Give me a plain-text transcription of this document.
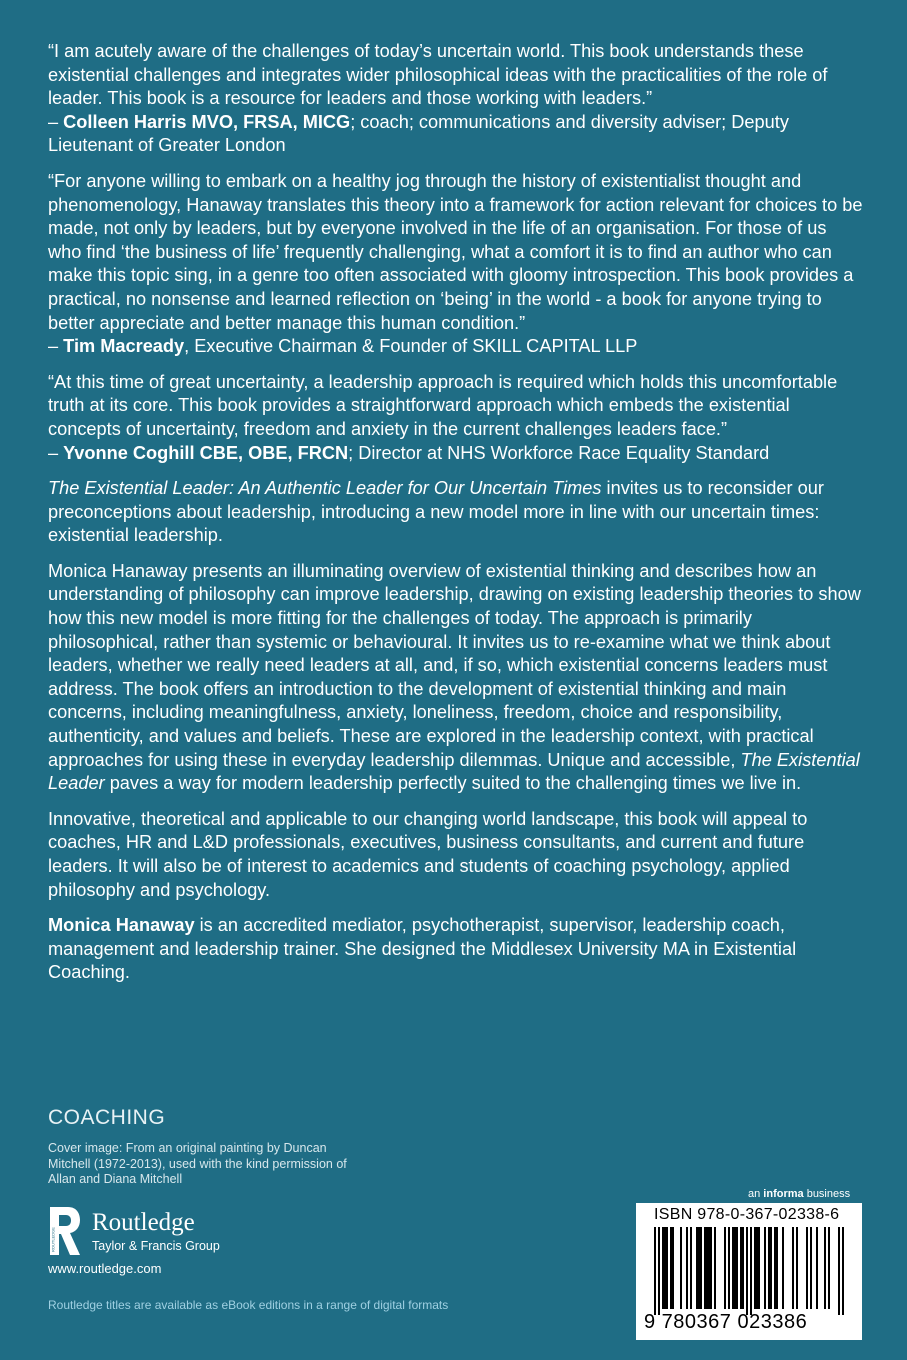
“I am acutely aware of the challenges of today’s uncertain world. This book understands these existential challenges and integrates wider philosophical ideas with the practicalities of the role of leader. This book is a resource for leaders and those working with leaders.”

– Colleen Harris MVO, FRSA, MICG; coach; communications and diversity adviser; Deputy Lieutenant of Greater London

“For anyone willing to embark on a healthy jog through the history of existentialist thought and phenomenology, Hanaway translates this theory into a framework for action relevant for choices to be made, not only by leaders, but by everyone involved in the life of an organisation. For those of us who find ‘the business of life’ frequently challenging, what a comfort it is to find an author who can make this topic sing, in a genre too often associated with gloomy introspection. This book provides a practical, no nonsense and learned reflection on ‘being’ in the world - a book for anyone trying to better appreciate and better manage this human condition.”

– Tim Macready, Executive Chairman & Founder of SKILL CAPITAL LLP

“At this time of great uncertainty, a leadership approach is required which holds this uncomfortable truth at its core. This book provides a straightforward approach which embeds the existential concepts of uncertainty, freedom and anxiety in the current challenges leaders face.”

– Yvonne Coghill CBE, OBE, FRCN; Director at NHS Workforce Race Equality Standard

The Existential Leader: An Authentic Leader for Our Uncertain Times invites us to reconsider our preconceptions about leadership, introducing a new model more in line with our uncertain times: existential leadership.

Monica Hanaway presents an illuminating overview of existential thinking and describes how an understanding of philosophy can improve leadership, drawing on existing leadership theories to show how this new model is more fitting for the challenges of today. The approach is primarily philosophical, rather than systemic or behavioural. It invites us to re-examine what we think about leaders, whether we really need leaders at all, and, if so, which existential concerns leaders must address. The book offers an introduction to the development of existential thinking and main concerns, including meaningfulness, anxiety, loneliness, freedom, choice and responsibility, authenticity, and values and beliefs. These are explored in the leadership context, with practical approaches for using these in everyday leadership dilemmas. Unique and accessible, The Existential Leader paves a way for modern leadership perfectly suited to the challenging times we live in.

Innovative, theoretical and applicable to our changing world landscape, this book will appeal to coaches, HR and L&D professionals, executives, business consultants, and current and future leaders. It will also be of interest to academics and students of coaching psychology, applied philosophy and psychology.

Monica Hanaway is an accredited mediator, psychotherapist, supervisor, leadership coach, management and leadership trainer. She designed the Middlesex University MA in Existential Coaching.

COACHING
Cover image: From an original painting by Duncan Mitchell (1972-2013), used with the kind permission of Allan and Diana Mitchell
ROUTLEDGE
Routledge
Taylor & Francis Group
www.routledge.com
Routledge titles are available as eBook editions in a range of digital formats
an informa business
ISBN 978-0-367-02338-6
9 780367 023386
